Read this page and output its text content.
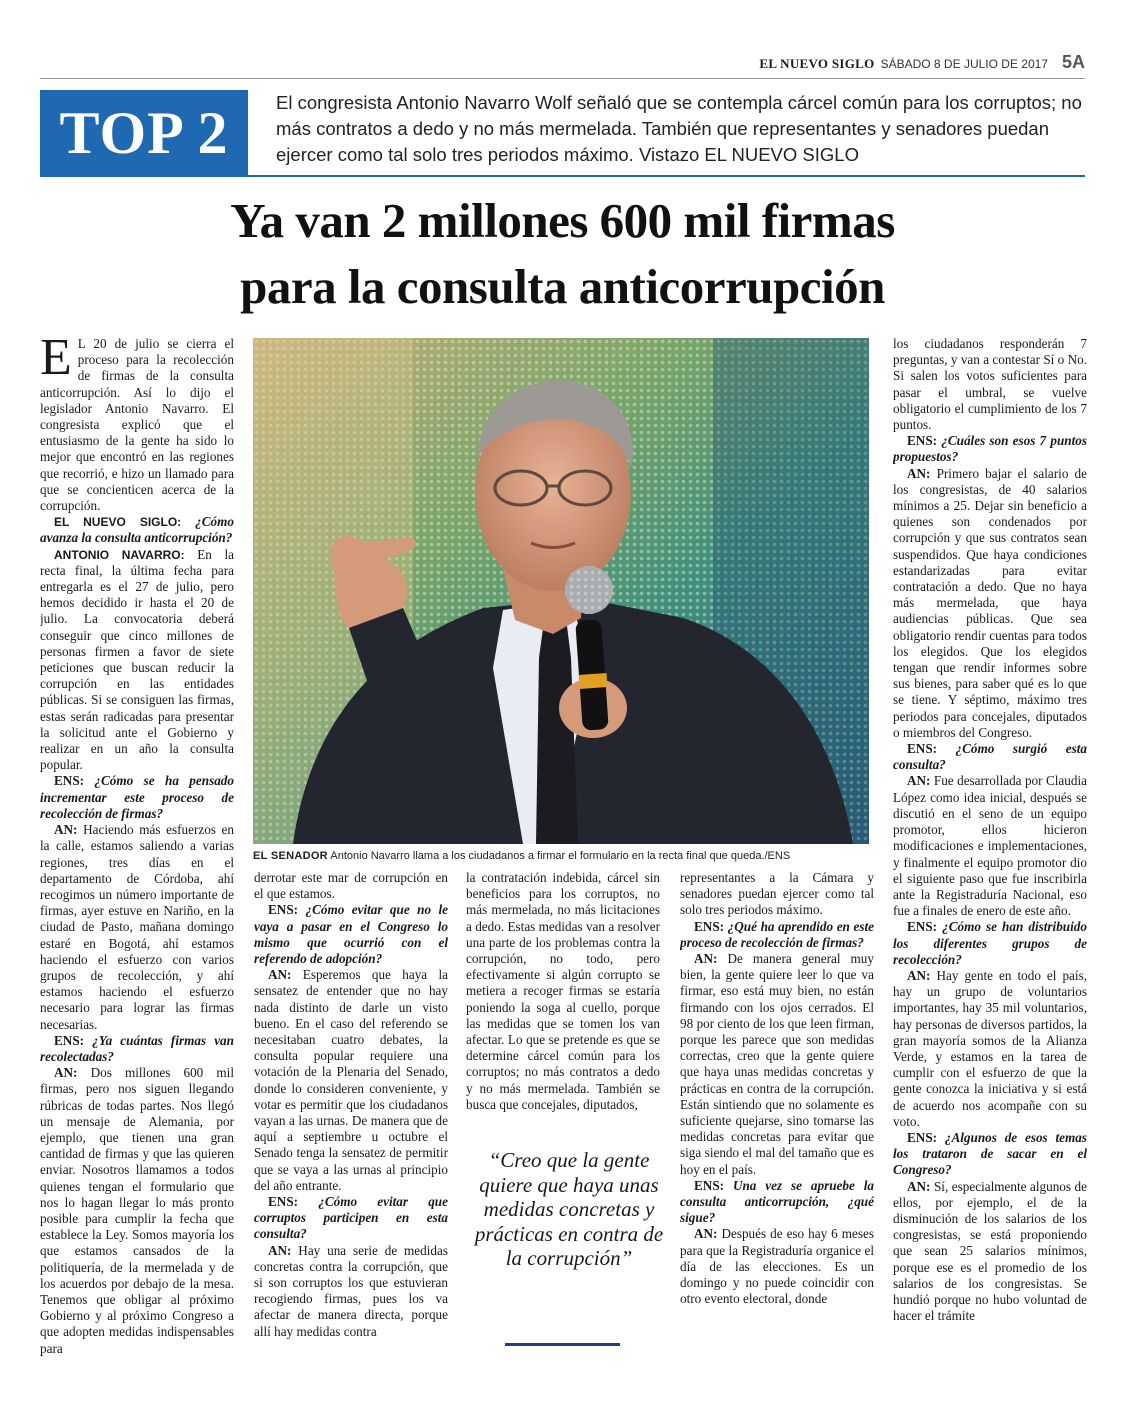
EL NUEVO SIGLO SÁBADO 8 DE JULIO DE 2017 5A
TOP 2	El congresista Antonio Navarro Wolf señaló que se contempla cárcel común para los corruptos; no más contratos a dedo y no más mermelada. También que representantes y senadores puedan ejercer como tal solo tres periodos máximo. Vistazo EL NUEVO SIGLO
Ya van 2 millones 600 mil firmas
para la consulta anticorrupción

E L 20 de julio se cierra el proceso para la recolección de firmas de la consulta anticorrupción. Así lo dijo el legislador Antonio Navarro. El congresista explicó que el entusiasmo de la gente ha sido lo mejor que encontró en las regiones que recorrió, e hizo un llamado para que se concienticen acerca de la corrupción.

EL NUEVO SIGLO: ¿Cómo avanza la consulta anticorrupción?

ANTONIO NAVARRO: En la recta final, la última fecha para entregarla es el 27 de julio, pero hemos decidido ir hasta el 20 de julio. La convocatoria deberá conseguir que cinco millones de personas firmen a favor de siete peticiones que buscan reducir la corrupción en las entidades públicas. Si se consiguen las firmas, estas serán radicadas para presentar la solicitud ante el Gobierno y realizar en un año la consulta popular.

ENS: ¿Cómo se ha pensado incrementar este proceso de recolección de firmas?

AN: Haciendo más esfuerzos en la calle, estamos saliendo a varias regiones, tres días en el departamento de Córdoba, ahí recogimos un número importante de firmas, ayer estuve en Nariño, en la ciudad de Pasto, mañana domingo estaré en Bogotá, ahí estamos haciendo el esfuerzo con varios grupos de recolección, y ahí estamos haciendo el esfuerzo necesario para lograr las firmas necesarias.

ENS: ¿Ya cuántas firmas van recolectadas?

AN: Dos millones 600 mil firmas, pero nos siguen llegando rúbricas de todas partes. Nos llegó un mensaje de Alemania, por ejemplo, que tienen una gran cantidad de firmas y que las quieren enviar. Nosotros llamamos a todos quienes tengan el formulario que nos lo hagan llegar lo más pronto posible para cumplir la fecha que establece la Ley. Somos mayoría los que estamos cansados de la politiquería, de la mermelada y de los acuerdos por debajo de la mesa. Tenemos que obligar al próximo Gobierno y al próximo Congreso a que adopten medidas indispensables para

EL SENADOR Antonio Navarro llama a los ciudadanos a firmar el formulario en la recta final que queda./ENS

derrotar este mar de corrupción en el que estamos.

ENS: ¿Cómo evitar que no le vaya a pasar en el Congreso lo mismo que ocurrió con el referendo de adopción?

AN: Esperemos que haya la sensatez de entender que no hay nada distinto de darle un visto bueno. En el caso del referendo se necesitaban cuatro debates, la consulta popular requiere una votación de la Plenaria del Senado, donde lo consideren conveniente, y votar es permitir que los ciudadanos vayan a las urnas. De manera que de aquí a septiembre u octubre el Senado tenga la sensatez de permitir que se vaya a las urnas al principio del año entrante.

ENS: ¿Cómo evitar que corruptos participen en esta consulta?

AN: Hay una serie de medidas concretas contra la corrupción, que si son corruptos los que estuvieran recogiendo firmas, pues los va afectar de manera directa, porque allí hay medidas contra

la contratación indebida, cárcel sin beneficios para los corruptos, no más mermelada, no más licitaciones a dedo. Estas medidas van a resolver una parte de los problemas contra la corrupción, no todo, pero efectivamente si algún corrupto se metiera a recoger firmas se estaría poniendo la soga al cuello, porque las medidas que se tomen los van afectar. Lo que se pretende es que se determine cárcel común para los corruptos; no más contratos a dedo y no más mermelada. También se busca que concejales, diputados,

“Creo que la gente quiere que haya unas medidas concretas y prácticas en contra de la corrupción”

representantes a la Cámara y senadores puedan ejercer como tal solo tres periodos máximo.

ENS: ¿Qué ha aprendido en este proceso de recolección de firmas?

AN: De manera general muy bien, la gente quiere leer lo que va firmar, eso está muy bien, no están firmando con los ojos cerrados. El 98 por ciento de los que leen firman, porque les parece que son medidas correctas, creo que la gente quiere que haya unas medidas concretas y prácticas en contra de la corrupción. Están sintiendo que no solamente es suficiente quejarse, sino tomarse las medidas concretas para evitar que siga siendo el mal del tamaño que es hoy en el país.

ENS: Una vez se apruebe la consulta anticorrupción, ¿qué sigue?

AN: Después de eso hay 6 meses para que la Registraduría organice el día de las elecciones. Es un domingo y no puede coincidir con otro evento electoral, donde

los ciudadanos responderán 7 preguntas, y van a contestar Sí o No. Si salen los votos suficientes para pasar el umbral, se vuelve obligatorio el cumplimiento de los 7 puntos.

ENS: ¿Cuáles son esos 7 puntos propuestos?

AN: Primero bajar el salario de los congresistas, de 40 salarios mínimos a 25. Dejar sin beneficio a quienes son condenados por corrupción y que sus contratos sean suspendidos. Que haya condiciones estandarizadas para evitar contratación a dedo. Que no haya más mermelada, que haya audiencias públicas. Que sea obligatorio rendir cuentas para todos los elegidos. Que los elegidos tengan que rendir informes sobre sus bienes, para saber qué es lo que se tiene. Y séptimo, máximo tres periodos para concejales, diputados o miembros del Congreso.

ENS: ¿Cómo surgió esta consulta?

AN: Fue desarrollada por Claudia López como idea inicial, después se discutió en el seno de un equipo promotor, ellos hicieron modificaciones e implementaciones, y finalmente el equipo promotor dio el siguiente paso que fue inscribirla ante la Registraduría Nacional, eso fue a finales de enero de este año.

ENS: ¿Cómo se han distribuido los diferentes grupos de recolección?

AN: Hay gente en todo el país, hay un grupo de voluntarios importantes, hay 35 mil voluntarios, hay personas de diversos partidos, la gran mayoría somos de la Alianza Verde, y estamos en la tarea de cumplir con el esfuerzo de que la gente conozca la iniciativa y si está de acuerdo nos acompañe con su voto.

ENS: ¿Algunos de esos temas los trataron de sacar en el Congreso?

AN: Sí, especialmente algunos de ellos, por ejemplo, el de la disminución de los salarios de los congresistas, se está proponiendo que sean 25 salarios mínimos, porque ese es el promedio de los salarios de los congresistas. Se hundió porque no hubo voluntad de hacer el trámite
